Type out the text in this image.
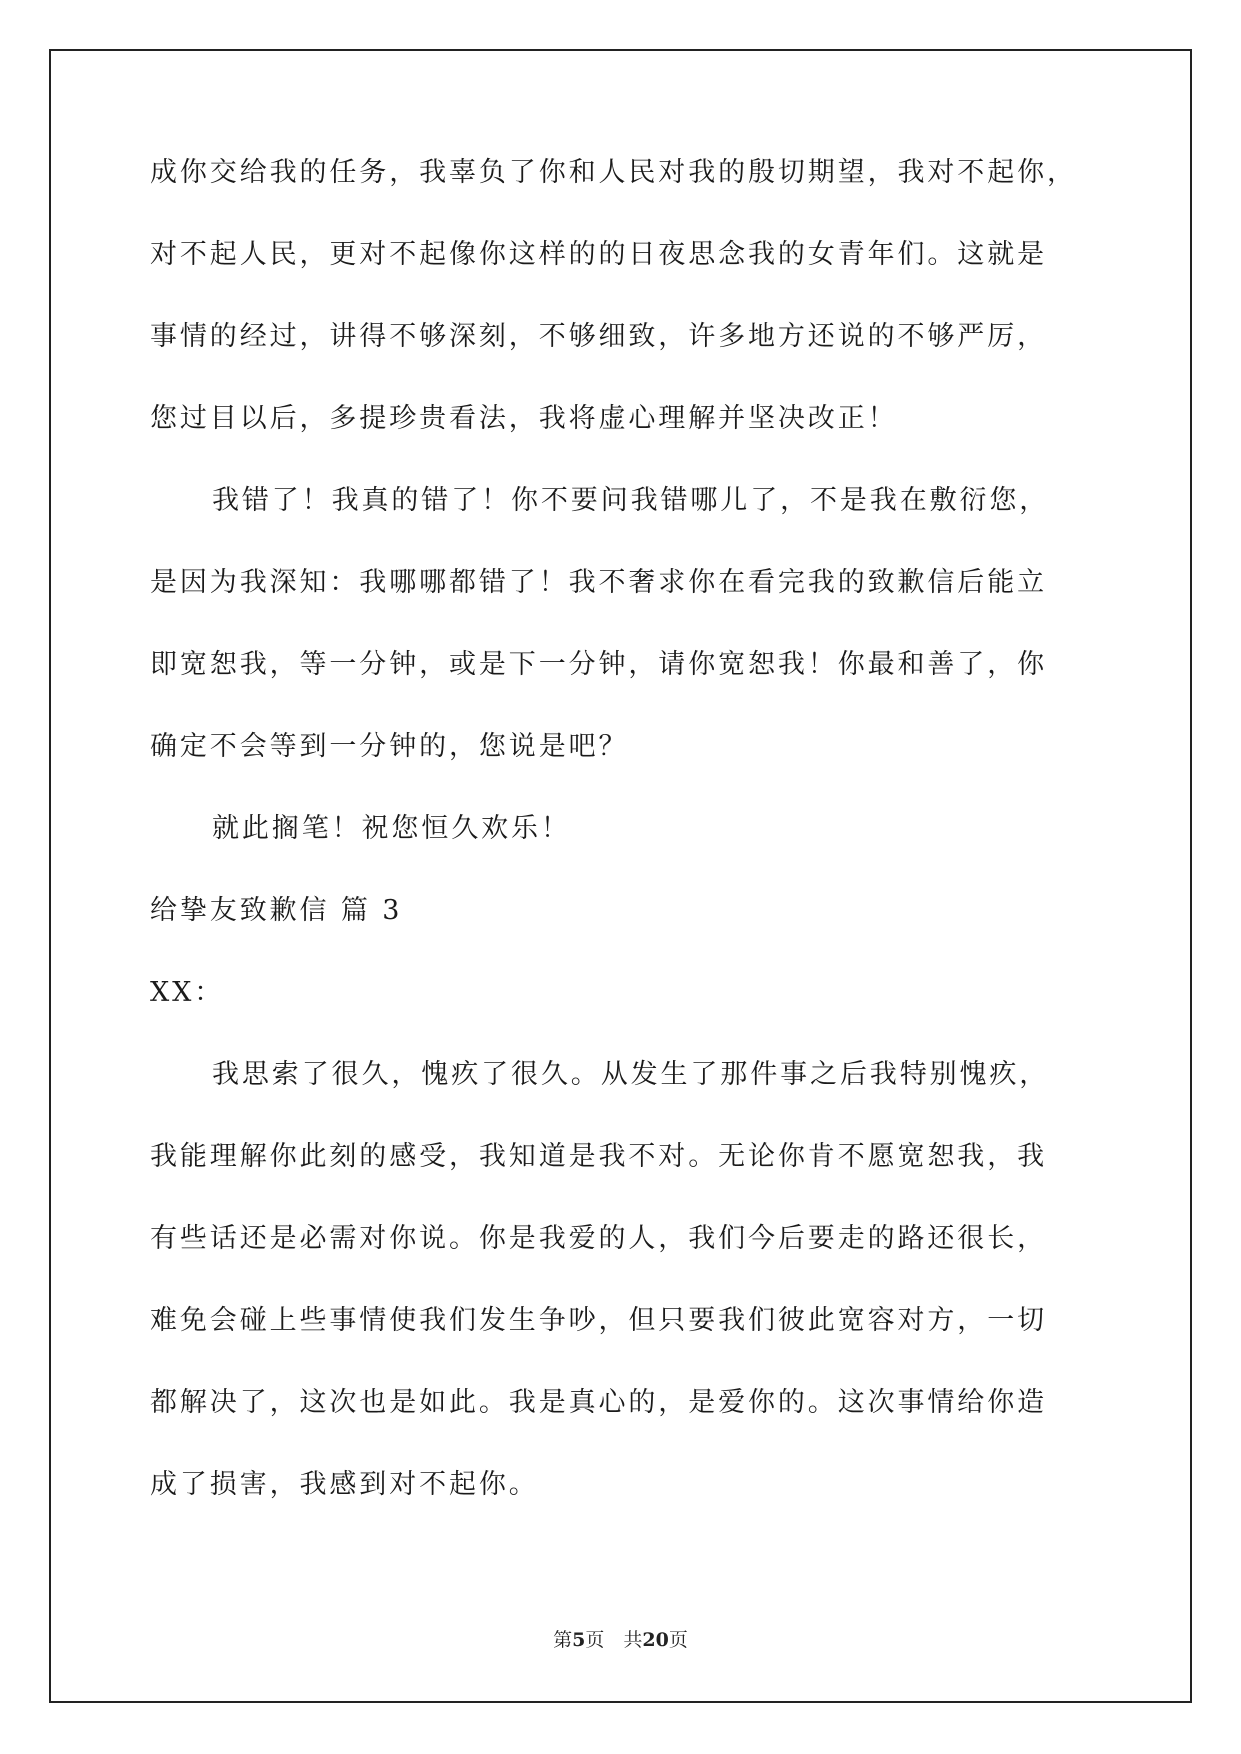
成你交给我的任务，我辜负了你和人民对我的殷切期望，我对不起你，

对不起人民，更对不起像你这样的的日夜思念我的女青年们。这就是

事情的经过，讲得不够深刻，不够细致，许多地方还说的不够严厉，

您过目以后，多提珍贵看法，我将虚心理解并坚决改正！

我错了！我真的错了！你不要问我错哪儿了，不是我在敷衍您，

是因为我深知：我哪哪都错了！我不奢求你在看完我的致歉信后能立

即宽恕我，等一分钟，或是下一分钟，请你宽恕我！你最和善了，你

确定不会等到一分钟的，您说是吧？

就此搁笔！祝您恒久欢乐！

给挚友致歉信 篇 3

XX：

我思索了很久，愧疚了很久。从发生了那件事之后我特别愧疚，

我能理解你此刻的感受，我知道是我不对。无论你肯不愿宽恕我，我

有些话还是必需对你说。你是我爱的人，我们今后要走的路还很长，

难免会碰上些事情使我们发生争吵，但只要我们彼此宽容对方，一切

都解决了，这次也是如此。我是真心的，是爱你的。这次事情给你造

成了损害，我感到对不起你。

第5页　共20页
